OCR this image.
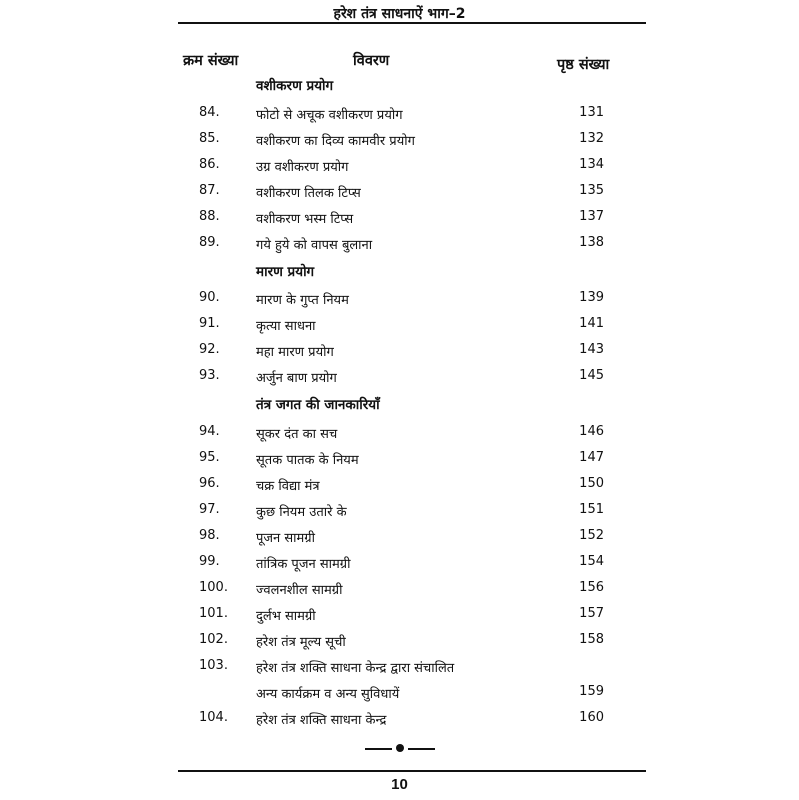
हरेश तंत्र साधनाऐं भाग–2
क्रम संख्या	विवरण	पृष्ठ संख्या
वशीकरण प्रयोग
84.	फोटो से अचूक वशीकरण प्रयोग	131
85.	वशीकरण का दिव्य कामवीर प्रयोग	132
86.	उग्र वशीकरण प्रयोग	134
87.	वशीकरण तिलक टिप्स	135
88.	वशीकरण भस्म टिप्स	137
89.	गये हुये को वापस बुलाना	138
मारण प्रयोग
90.	मारण के गुप्त नियम	139
91.	कृत्या साधना	141
92.	महा मारण प्रयोग	143
93.	अर्जुन बाण प्रयोग	145
तंत्र जगत की जानकारियाँ
94.	सूकर दंत का सच	146
95.	सूतक पातक के नियम	147
96.	चक्र विद्या मंत्र	150
97.	कुछ नियम उतारे के	151
98.	पूजन सामग्री	152
99.	तांत्रिक पूजन सामग्री	154
100. ज्वलनशील सामग्री	156
101. दुर्लभ सामग्री	157
102. हरेश तंत्र मूल्य सूची	158
103. हरेश तंत्र शक्ति साधना केन्द्र द्वारा संचालित
अन्य कार्यक्रम व अन्य सुविधायें	159
104. हरेश तंत्र शक्ति साधना केन्द्र	160
10
